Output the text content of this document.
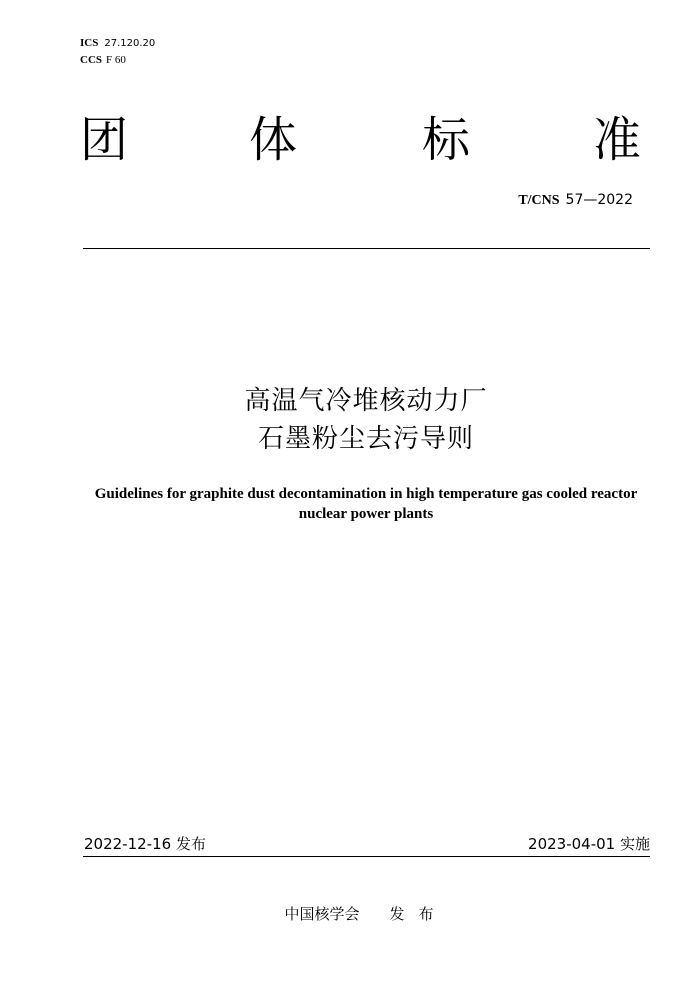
ICS 27.120.20
CCS F 60
团	体	标	准
T/CNS 57—2022
高温气冷堆核动力厂
石墨粉尘去污导则
Guidelines for graphite dust decontamination in high temperature gas cooled reactor nuclear power plants
2022-12-16 发布	2023-04-01 实施
中国核学会 发布
